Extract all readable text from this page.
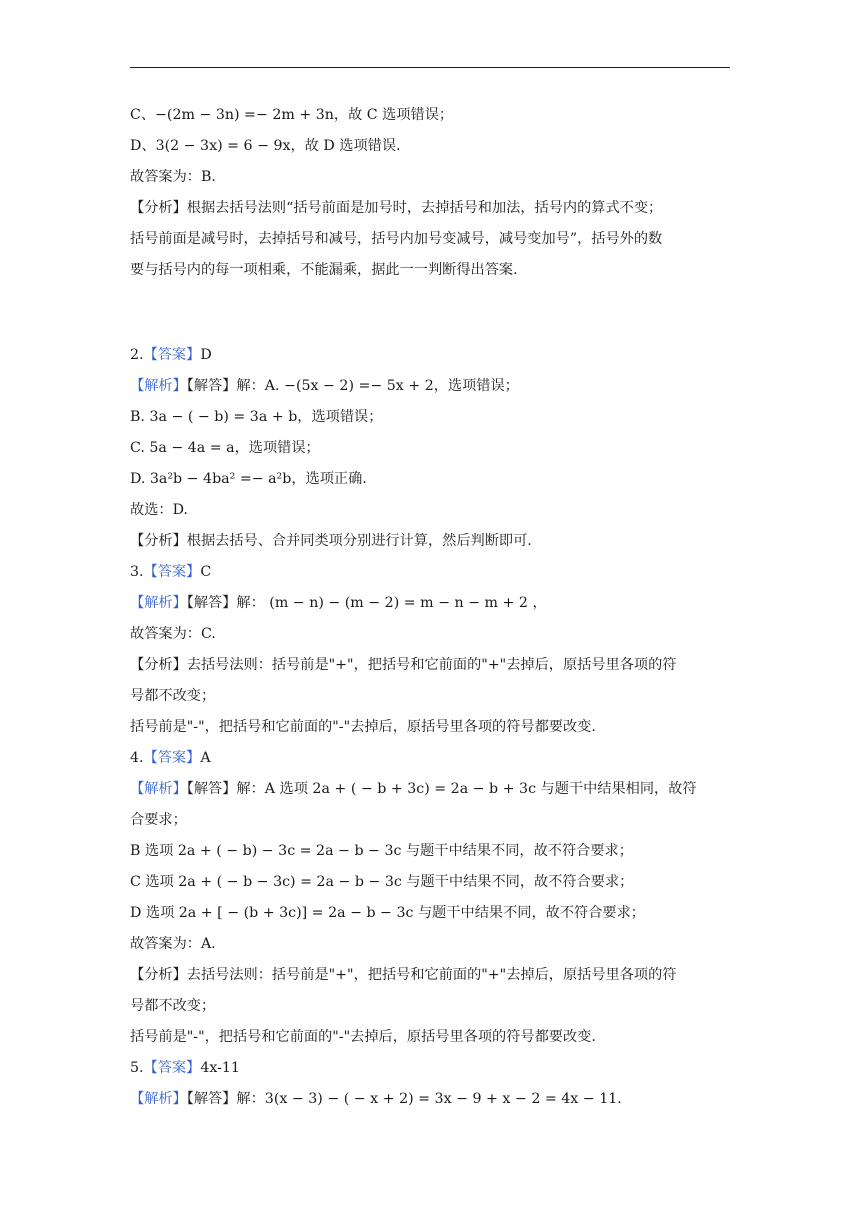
C、−(2m − 3n) =− 2m + 3n，故 C 选项错误；
D、3(2 − 3x) = 6 − 9x，故 D 选项错误.
故答案为：B.
【分析】根据去括号法则“括号前面是加号时，去掉括号和加法，括号内的算式不变；
括号前面是减号时，去掉括号和减号，括号内加号变减号，减号变加号”，括号外的数
要与括号内的每一项相乘，不能漏乘，据此一一判断得出答案.
2.【答案】D
【解析】【解答】解：A. −(5x − 2) =− 5x + 2，选项错误；
B. 3a − ( − b) = 3a + b，选项错误；
C. 5a − 4a = a，选项错误；
D. 3a²b − 4ba² =− a²b，选项正确.
故选：D.
【分析】根据去括号、合并同类项分别进行计算，然后判断即可.
3.【答案】C
【解析】【解答】解： (m − n) − (m − 2) = m − n − m + 2 ，
故答案为：C.
【分析】去括号法则：括号前是"+"，把括号和它前面的"+"去掉后，原括号里各项的符
号都不改变；
括号前是"-"，把括号和它前面的"-"去掉后，原括号里各项的符号都要改变.
4.【答案】A
【解析】【解答】解：A 选项 2a + ( − b + 3c) = 2a − b + 3c 与题干中结果相同，故符
合要求；
B 选项 2a + ( − b) − 3c = 2a − b − 3c 与题干中结果不同，故不符合要求；
C 选项 2a + ( − b − 3c) = 2a − b − 3c 与题干中结果不同，故不符合要求；
D 选项 2a + [ − (b + 3c)] = 2a − b − 3c 与题干中结果不同，故不符合要求；
故答案为：A.
【分析】去括号法则：括号前是"+"，把括号和它前面的"+"去掉后，原括号里各项的符
号都不改变；
括号前是"-"，把括号和它前面的"-"去掉后，原括号里各项的符号都要改变.
5.【答案】4x-11
【解析】【解答】解：3(x − 3) − ( − x + 2) = 3x − 9 + x − 2 = 4x − 11.
